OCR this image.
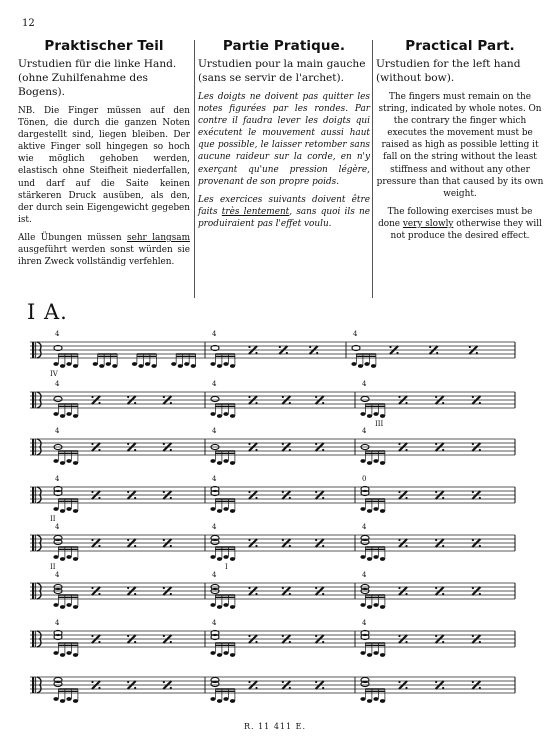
12
Praktischer Teil
Urstudien für die linke Hand. (ohne Zuhilfenahme des Bogens).

NB. Die Finger müssen auf den Tönen, die durch die ganzen Noten dargestellt sind, liegen bleiben. Der aktive Finger soll hingegen so hoch wie möglich gehoben werden, elastisch ohne Steifheit niederfallen, und darf auf die Saite keinen stärkeren Druck ausüben, als den, der durch sein Eigengewicht gegeben ist.

Alle Übungen müssen sehr langsam ausgeführt werden sonst würden sie ihren Zweck vollständig verfehlen.

Partie Pratique.
Urstudien pour la main gauche (sans se servir de l'archet).

Les doigts ne doivent pas quitter les notes figurées par les rondes. Par contre il faudra lever les doigts qui exécutent le mouvement aussi haut que possible, le laisser retomber sans aucune raideur sur la corde, en n'y exerçant qu'une pression légère, provenant de son propre poids.

Les exercices suivants doivent être faits très lentement, sans quoi ils ne produiraient pas l'effet voulu.

Practical Part.
Urstudien for the left hand (without bow).

The fingers must remain on the string, indicated by whole notes. On the contrary the finger which executes the movement must be raised as high as possible letting it fall on the string without the least stiffness and without any other pressure than that caused by its own weight.

The following exercises must be done very slowly otherwise they will not produce the desired effect.

I A.
4	4	4
IV
4	4	4
III
4	4	4
4	4	0
II
4	4	4
II	I
4	4	4
4	4	4
R. 11 411 E.
